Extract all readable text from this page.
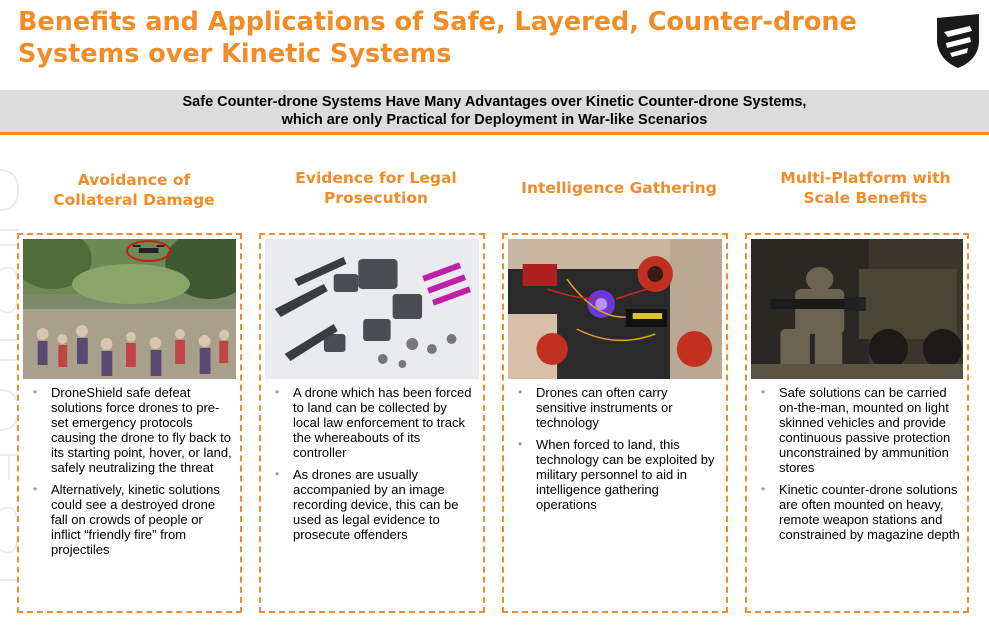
Benefits and Applications of Safe, Layered, Counter-drone Systems over Kinetic Systems
Safe Counter-drone Systems Have Many Advantages over Kinetic Counter-drone Systems,
which are only Practical for Deployment in War-like Scenarios
Avoidance of Collateral Damage
Evidence for Legal Prosecution
Intelligence Gathering
Multi-Platform with Scale Benefits
• DroneShield safe defeat solutions force drones to pre-set emergency protocols causing the drone to fly back to its starting point, hover, or land, safely neutralizing the threat
• Alternatively, kinetic solutions could see a destroyed drone fall on crowds of people or inflict “friendly fire” from projectiles
• A drone which has been forced to land can be collected by local law enforcement to track the whereabouts of its controller
• As drones are usually accompanied by an image recording device, this can be used as legal evidence to prosecute offenders
• Drones can often carry sensitive instruments or technology
• When forced to land, this technology can be exploited by military personnel to aid in intelligence gathering operations
• Safe solutions can be carried on-the-man, mounted on light skinned vehicles and provide continuous passive protection unconstrained by ammunition stores
• Kinetic counter-drone solutions are often mounted on heavy, remote weapon stations and constrained by magazine depth
